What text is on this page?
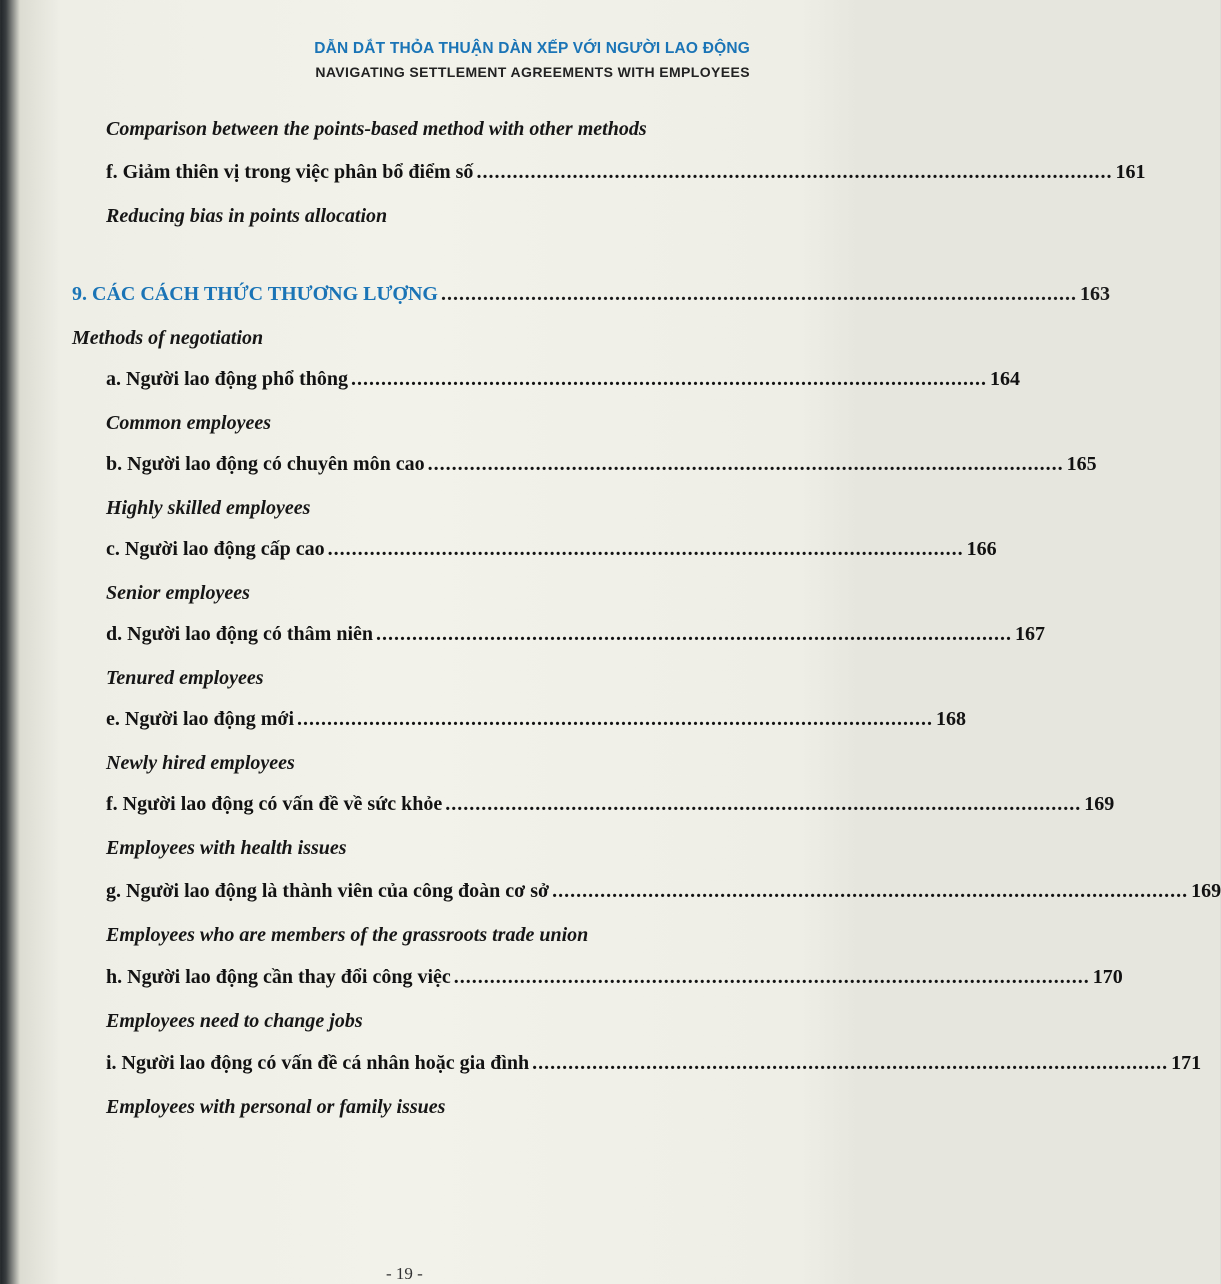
DẪN DẮT THỎA THUẬN DÀN XẾP VỚI NGƯỜI LAO ĐỘNG
NAVIGATING SETTLEMENT AGREEMENTS WITH EMPLOYEES
Comparison between the points-based method with other methods
f. Giảm thiên vị trong việc phân bổ điểm số .......................................................................................................... 161
Reducing bias in points allocation
9. CÁC CÁCH THỨC THƯƠNG LƯỢNG .......................................................................................................... 163
Methods of negotiation
a. Người lao động phổ thông .......................................................................................................... 164
Common employees
b. Người lao động có chuyên môn cao .......................................................................................................... 165
Highly skilled employees
c. Người lao động cấp cao .......................................................................................................... 166
Senior employees
d. Người lao động có thâm niên .......................................................................................................... 167
Tenured employees
e. Người lao động mới .......................................................................................................... 168
Newly hired employees
f. Người lao động có vấn đề về sức khỏe .......................................................................................................... 169
Employees with health issues
g. Người lao động là thành viên của công đoàn cơ sở .......................................................................................................... 169
Employees who are members of the grassroots trade union
h. Người lao động cần thay đổi công việc .......................................................................................................... 170
Employees need to change jobs
i. Người lao động có vấn đề cá nhân hoặc gia đình .......................................................................................................... 171
Employees with personal or family issues
- 19 -
